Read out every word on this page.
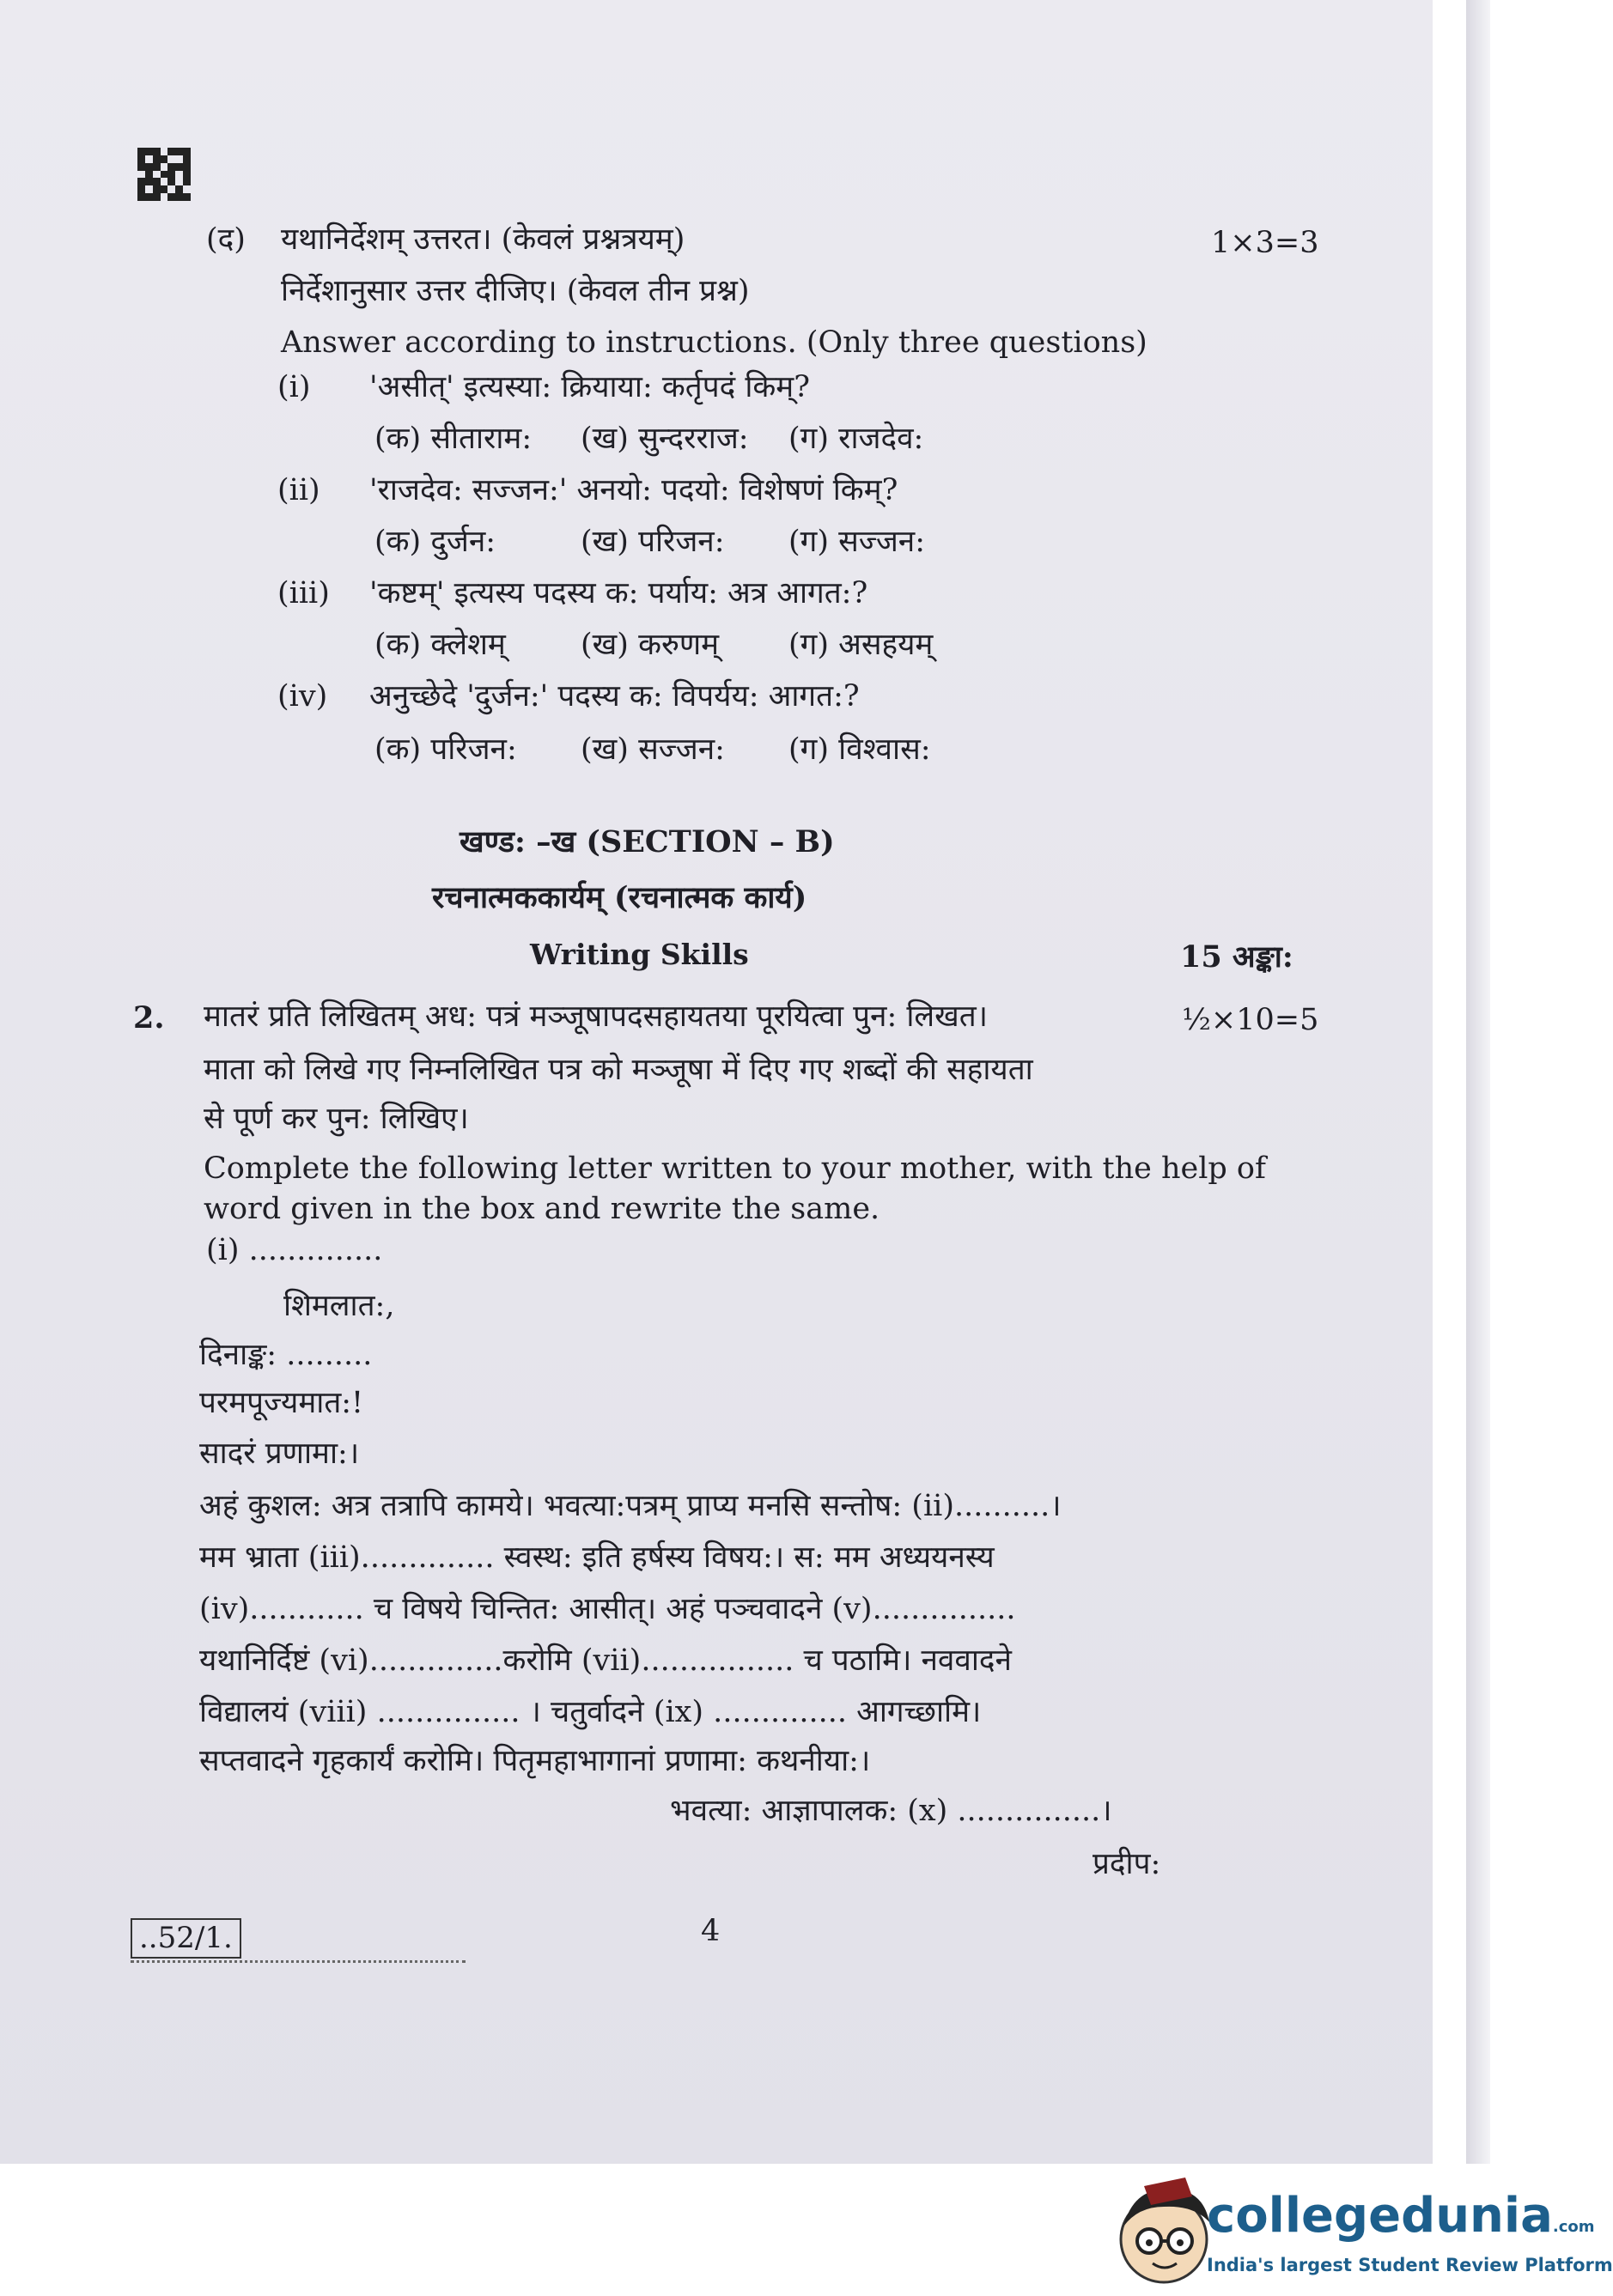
(द) यथानिर्देशम् उत्तरत। (केवलं प्रश्नत्रयम्)	1×3=3
निर्देशानुसार उत्तर दीजिए। (केवल तीन प्रश्न)
Answer according to instructions. (Only three questions)
(i) 'असीत्' इत्यस्या: क्रियाया: कर्तृपदं किम्?
(क) सीताराम: (ख) सुन्दरराज: (ग) राजदेव:
(ii) 'राजदेव: सज्जन:' अनयो: पदयो: विशेषणं किम्?
(क) दुर्जन:	(ख) परिजन: (ग) सज्जन:
(iii) 'कष्टम्' इत्यस्य पदस्य क: पर्याय: अत्र आगत:?
(क) क्लेशम् (ख) करुणम् (ग) असहयम्
(iv) अनुच्छेदे 'दुर्जन:' पदस्य क: विपर्यय: आगत:?
(क) परिजन: (ख) सज्जन: (ग) विश्वास:
खण्ड: –ख (SECTION – B)
रचनात्मककार्यम् (रचनात्मक कार्य)
Writing Skills	15 अङ्का:
2. मातरं प्रति लिखितम् अध: पत्रं मञ्जूषापदसहायतया पूरयित्वा पुन: लिखत।	½×10=5
माता को लिखे गए निम्नलिखित पत्र को मञ्जूषा में दिए गए शब्दों की सहायता
से पूर्ण कर पुन: लिखिए।
Complete the following letter written to your mother, with the help of
word given in the box and rewrite the same.
(i) ..............
शिमलात:,
दिनाङ्क: .........
परमपूज्यमात:!
सादरं प्रणामा:।
अहं कुशल: अत्र तत्रापि कामये। भवत्या:पत्रम् प्राप्य मनसि सन्तोष: (ii)..........।
मम भ्राता (iii).............. स्वस्थ: इति हर्षस्य विषय:। स: मम अध्ययनस्य
(iv)............ च विषये चिन्तित: आसीत्। अहं पञ्चवादने (v)...............
यथानिर्दिष्टं (vi)..............करोमि (vii)................ च पठामि। नववादने
विद्यालयं (viii) ............... । चतुर्वादने (ix) .............. आगच्छामि।
सप्तवादने गृहकार्यं करोमि। पितृमहाभागानां प्रणामा: कथनीया:।
भवत्या: आज्ञापालक: (x) ...............।
प्रदीप:
..52/1.	4
collegedunia.com
India's largest Student Review Platform
